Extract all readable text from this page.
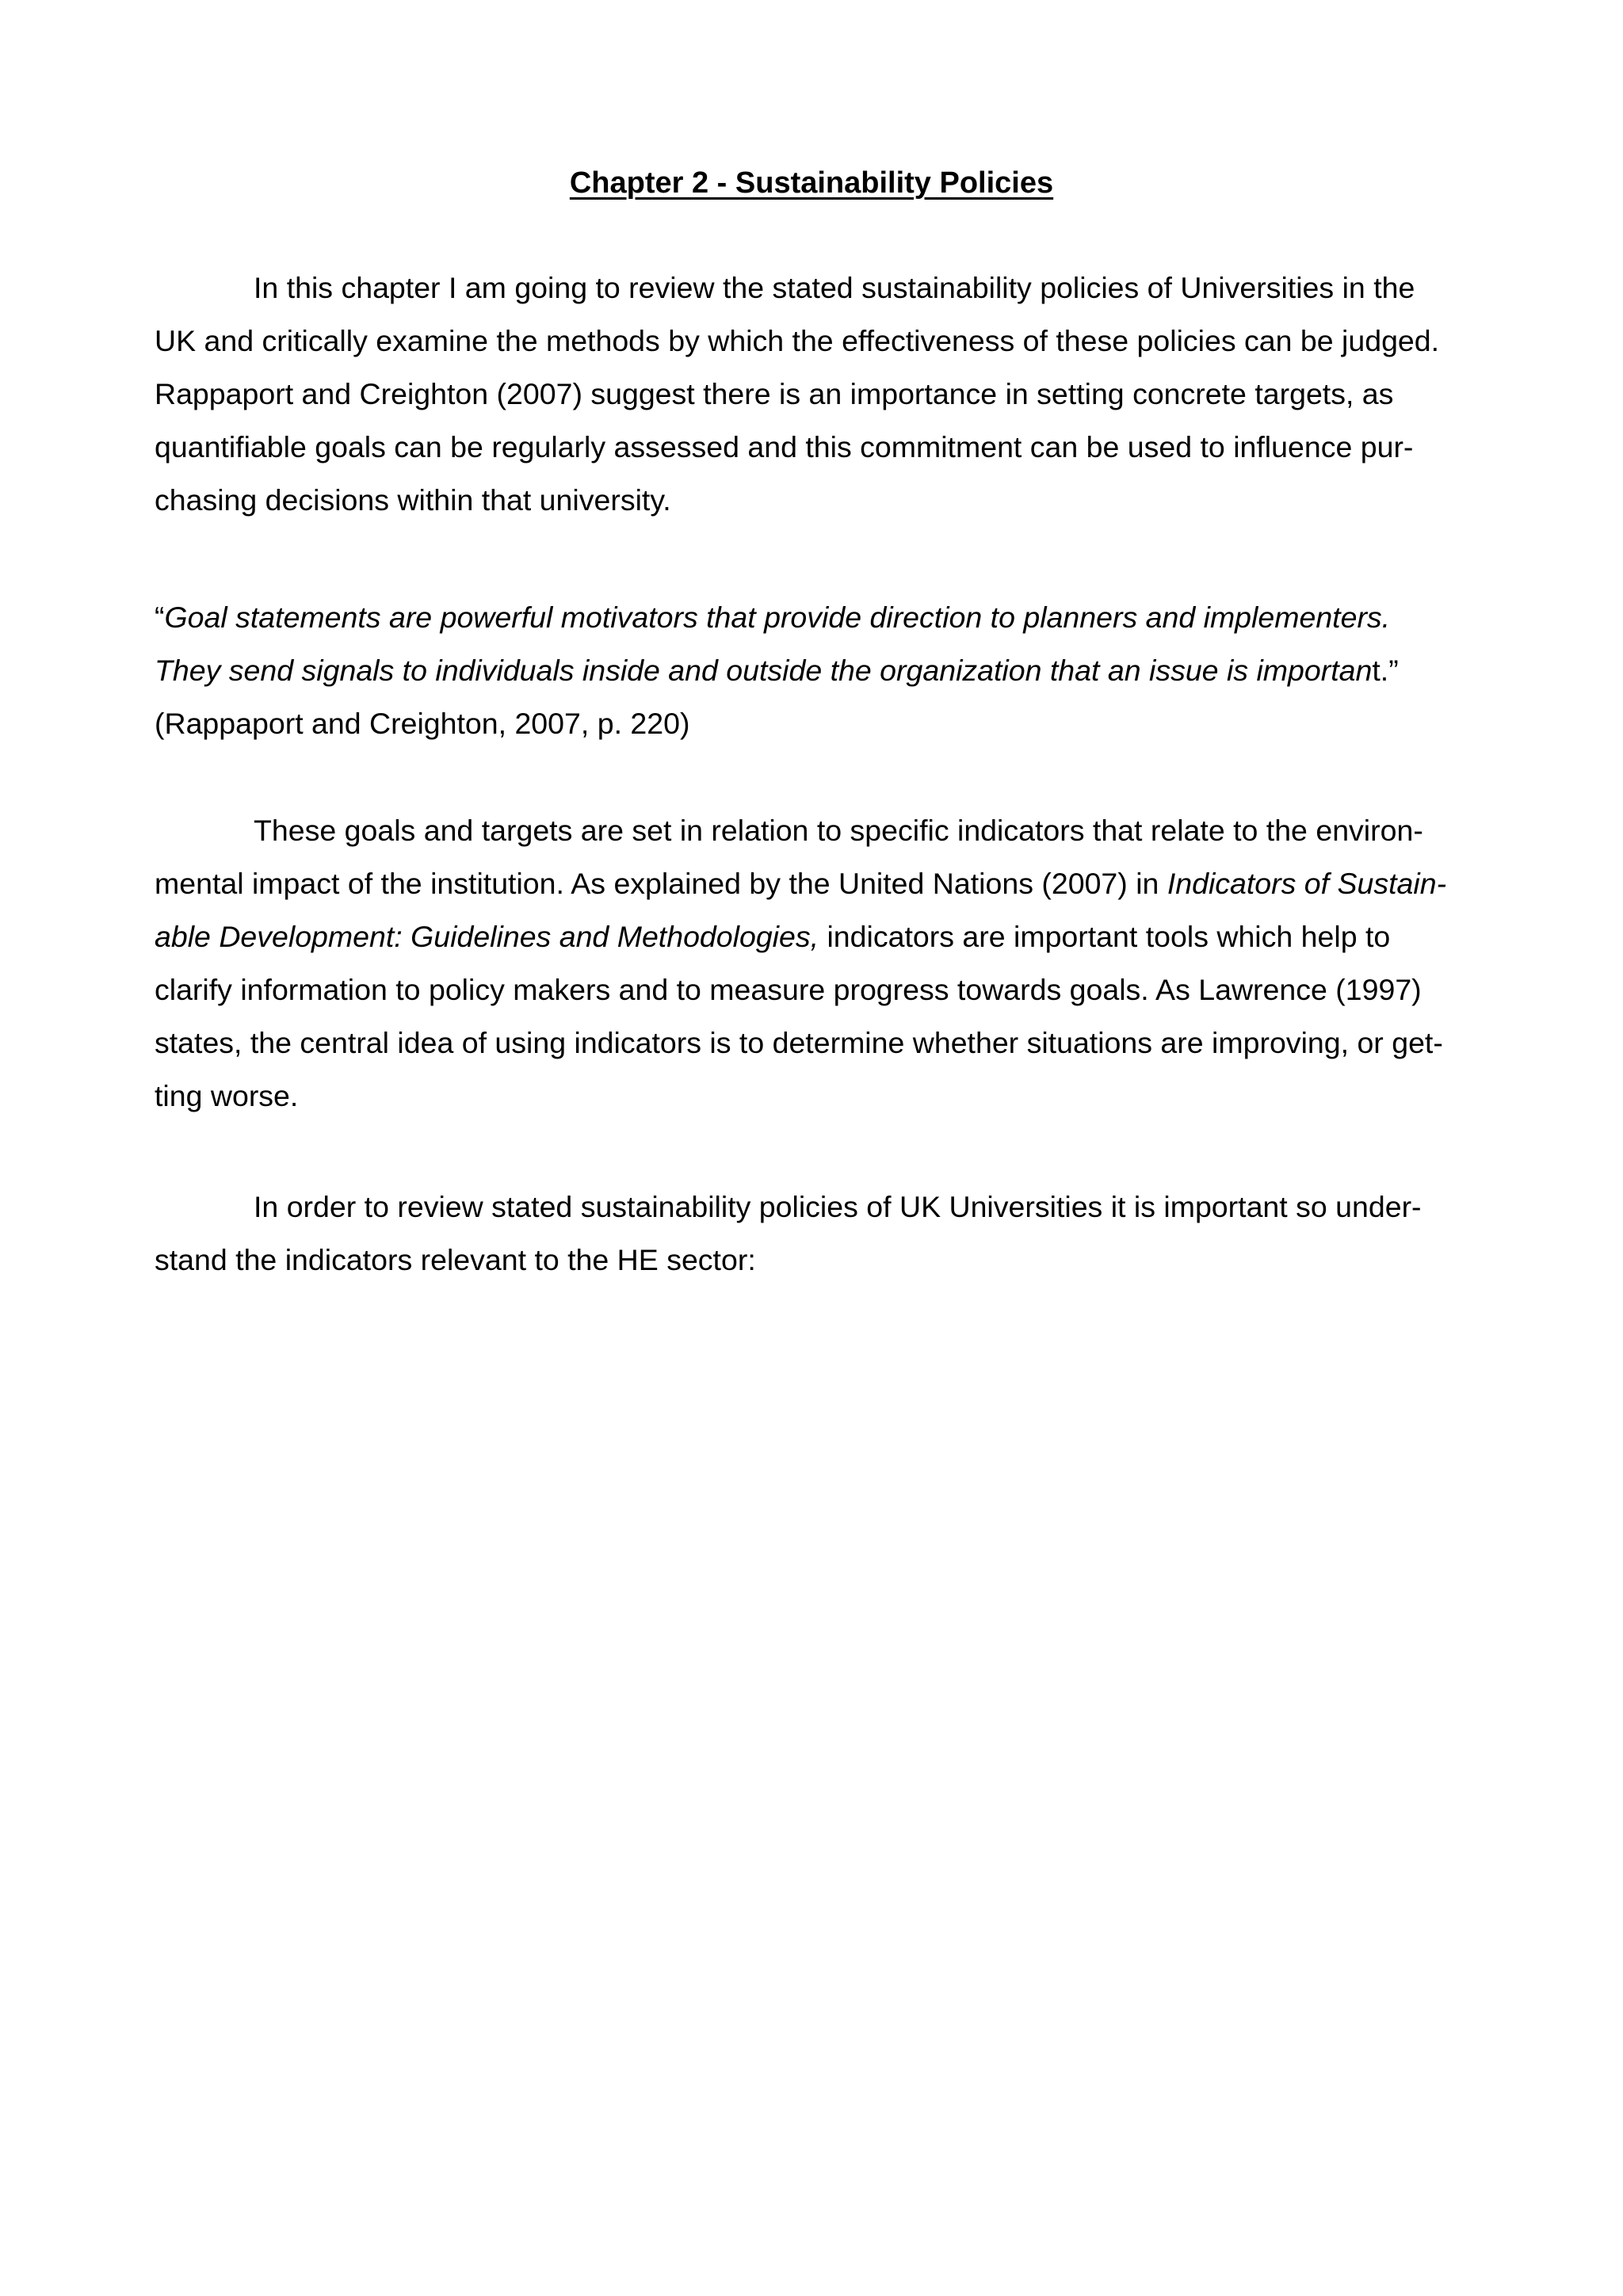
Chapter 2 - Sustainability Policies

In this chapter I am going to review the stated sustainability policies of Universities in the
UK and critically examine the methods by which the effectiveness of these policies can be judged.
Rappaport and Creighton (2007) suggest there is an importance in setting concrete targets, as
quantifiable goals can be regularly assessed and this commitment can be used to influence pur-
chasing decisions within that university.

“Goal statements are powerful motivators that provide direction to planners and implementers.
They send signals to individuals inside and outside the organization that an issue is important.”
(Rappaport and Creighton, 2007, p. 220)

These goals and targets are set in relation to specific indicators that relate to the environ-
mental impact of the institution. As explained by the United Nations (2007) in Indicators of Sustain-
able Development: Guidelines and Methodologies, indicators are important tools which help to
clarify information to policy makers and to measure progress towards goals. As Lawrence (1997)
states, the central idea of using indicators is to determine whether situations are improving, or get-
ting worse.

In order to review stated sustainability policies of UK Universities it is important so under-
stand the indicators relevant to the HE sector:
